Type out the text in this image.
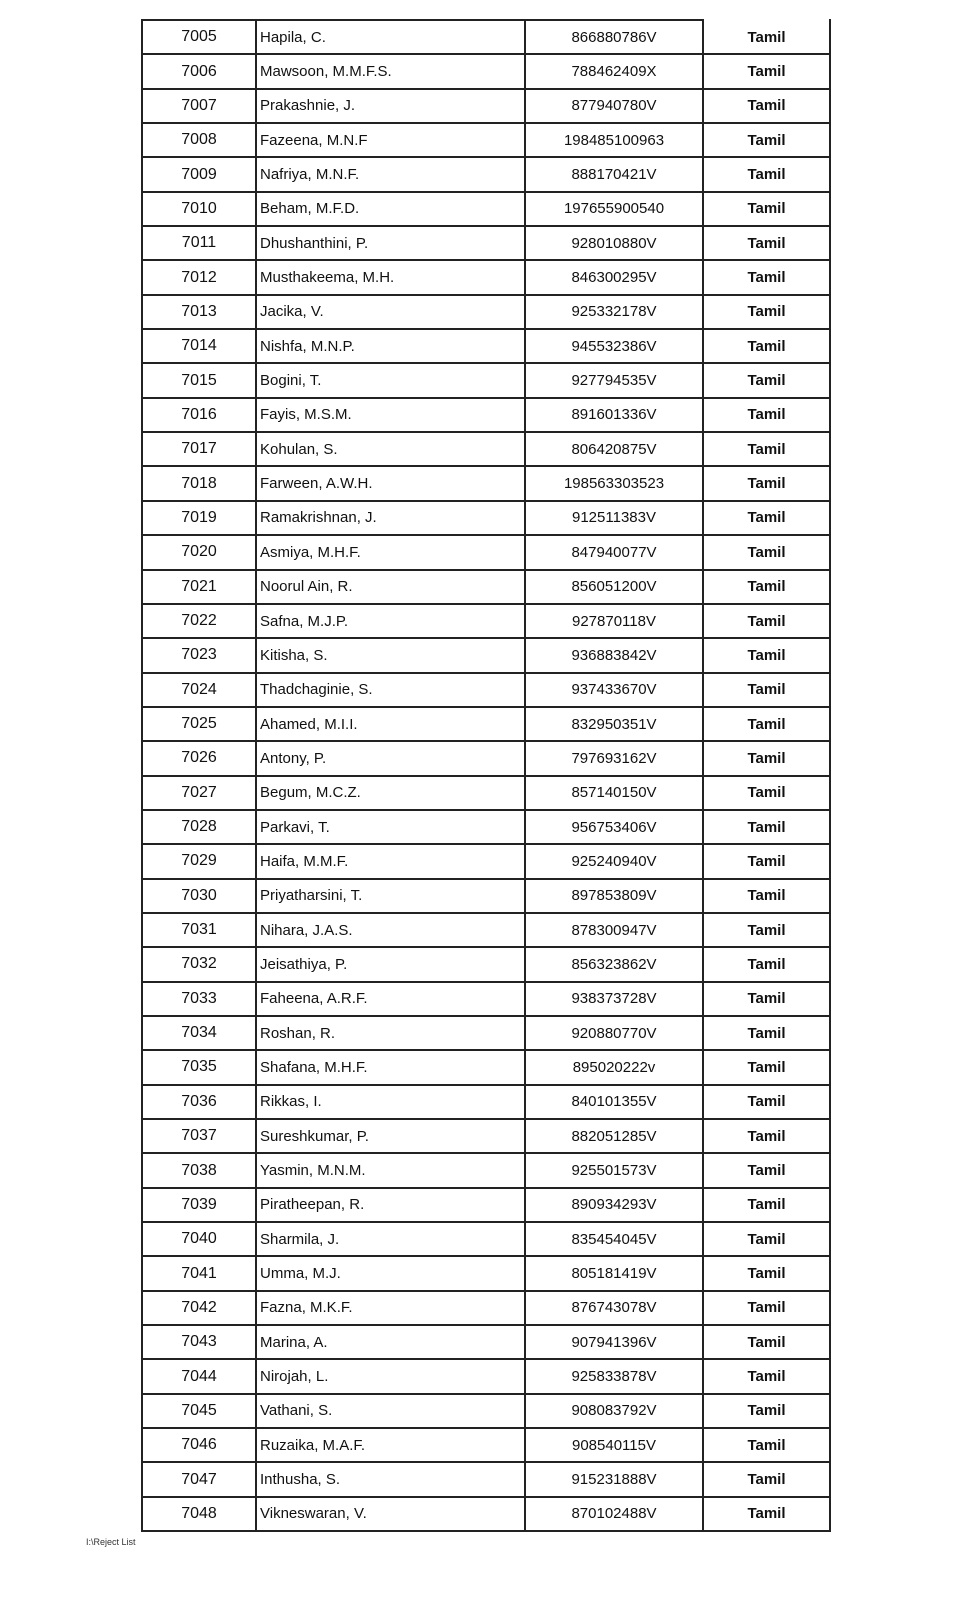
7005	Hapila, C.	866880786V	Tamil
7006	Mawsoon, M.M.F.S.	788462409X	Tamil
7007	Prakashnie, J.	877940780V	Tamil
7008	Fazeena, M.N.F	198485100963	Tamil
7009	Nafriya, M.N.F.	888170421V	Tamil
7010	Beham, M.F.D.	197655900540	Tamil
7011	Dhushanthini, P.	928010880V	Tamil
7012	Musthakeema, M.H.	846300295V	Tamil
7013	Jacika, V.	925332178V	Tamil
7014	Nishfa, M.N.P.	945532386V	Tamil
7015	Bogini, T.	927794535V	Tamil
7016	Fayis, M.S.M.	891601336V	Tamil
7017	Kohulan, S.	806420875V	Tamil
7018	Farween, A.W.H.	198563303523	Tamil
7019	Ramakrishnan, J.	912511383V	Tamil
7020	Asmiya, M.H.F.	847940077V	Tamil
7021	Noorul Ain, R.	856051200V	Tamil
7022	Safna, M.J.P.	927870118V	Tamil
7023	Kitisha, S.	936883842V	Tamil
7024	Thadchaginie, S.	937433670V	Tamil
7025	Ahamed, M.I.I.	832950351V	Tamil
7026	Antony, P.	797693162V	Tamil
7027	Begum, M.C.Z.	857140150V	Tamil
7028	Parkavi, T.	956753406V	Tamil
7029	Haifa, M.M.F.	925240940V	Tamil
7030	Priyatharsini, T.	897853809V	Tamil
7031	Nihara, J.A.S.	878300947V	Tamil
7032	Jeisathiya, P.	856323862V	Tamil
7033	Faheena, A.R.F.	938373728V	Tamil
7034	Roshan, R.	920880770V	Tamil
7035	Shafana, M.H.F.	895020222v	Tamil
7036	Rikkas, I.	840101355V	Tamil
7037	Sureshkumar, P.	882051285V	Tamil
7038	Yasmin, M.N.M.	925501573V	Tamil
7039	Piratheepan, R.	890934293V	Tamil
7040	Sharmila, J.	835454045V	Tamil
7041	Umma, M.J.	805181419V	Tamil
7042	Fazna, M.K.F.	876743078V	Tamil
7043	Marina, A.	907941396V	Tamil
7044	Nirojah, L.	925833878V	Tamil
7045	Vathani, S.	908083792V	Tamil
7046	Ruzaika, M.A.F.	908540115V	Tamil
7047	Inthusha, S.	915231888V	Tamil
7048	Vikneswaran, V.	870102488V	Tamil
I:\Reject List
